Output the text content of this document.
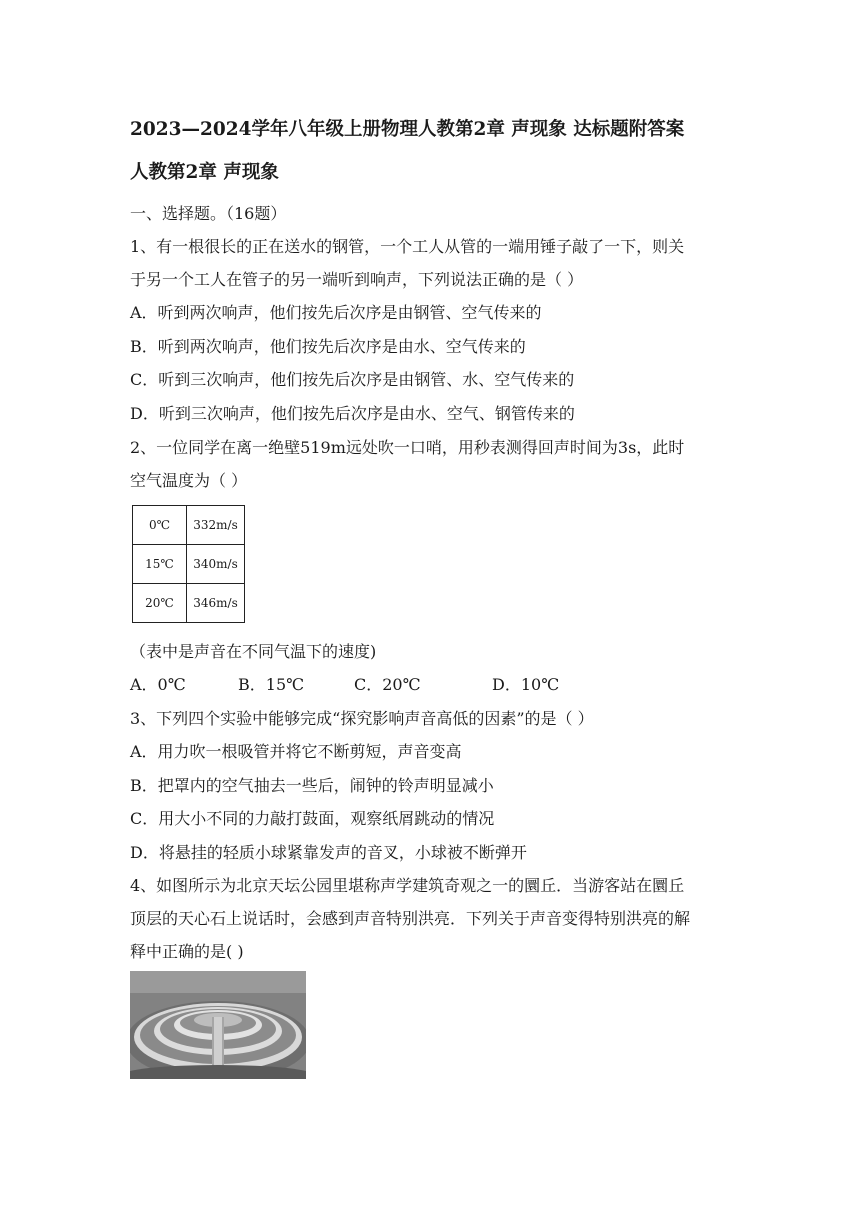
2023—2024学年八年级上册物理人教第2章 声现象 达标题附答案
人教第2章 声现象
一、选择题。（16题）
1、有一根很长的正在送水的钢管，一个工人从管的一端用锤子敲了一下，则关
于另一个工人在管子的另一端听到响声，下列说法正确的是（ ）
A．听到两次响声，他们按先后次序是由钢管、空气传来的
B．听到两次响声，他们按先后次序是由水、空气传来的
C．听到三次响声，他们按先后次序是由钢管、水、空气传来的
D．听到三次响声，他们按先后次序是由水、空气、钢管传来的
2、一位同学在离一绝壁519m远处吹一口哨，用秒表测得回声时间为3s，此时
空气温度为（ ）
0℃	332m/s
15℃	340m/s
20℃	346m/s
（表中是声音在不同气温下的速度)
A．0℃	B．15℃	C．20℃	D．10℃
3、下列四个实验中能够完成“探究影响声音高低的因素”的是（ ）
A．用力吹一根吸管并将它不断剪短，声音变高
B．把罩内的空气抽去一些后，闹钟的铃声明显减小
C．用大小不同的力敲打鼓面，观察纸屑跳动的情况
D．将悬挂的轻质小球紧靠发声的音叉，小球被不断弹开
4、如图所示为北京天坛公园里堪称声学建筑奇观之一的圜丘．当游客站在圜丘
顶层的天心石上说话时，会感到声音特别洪亮．下列关于声音变得特别洪亮的解
释中正确的是( )
